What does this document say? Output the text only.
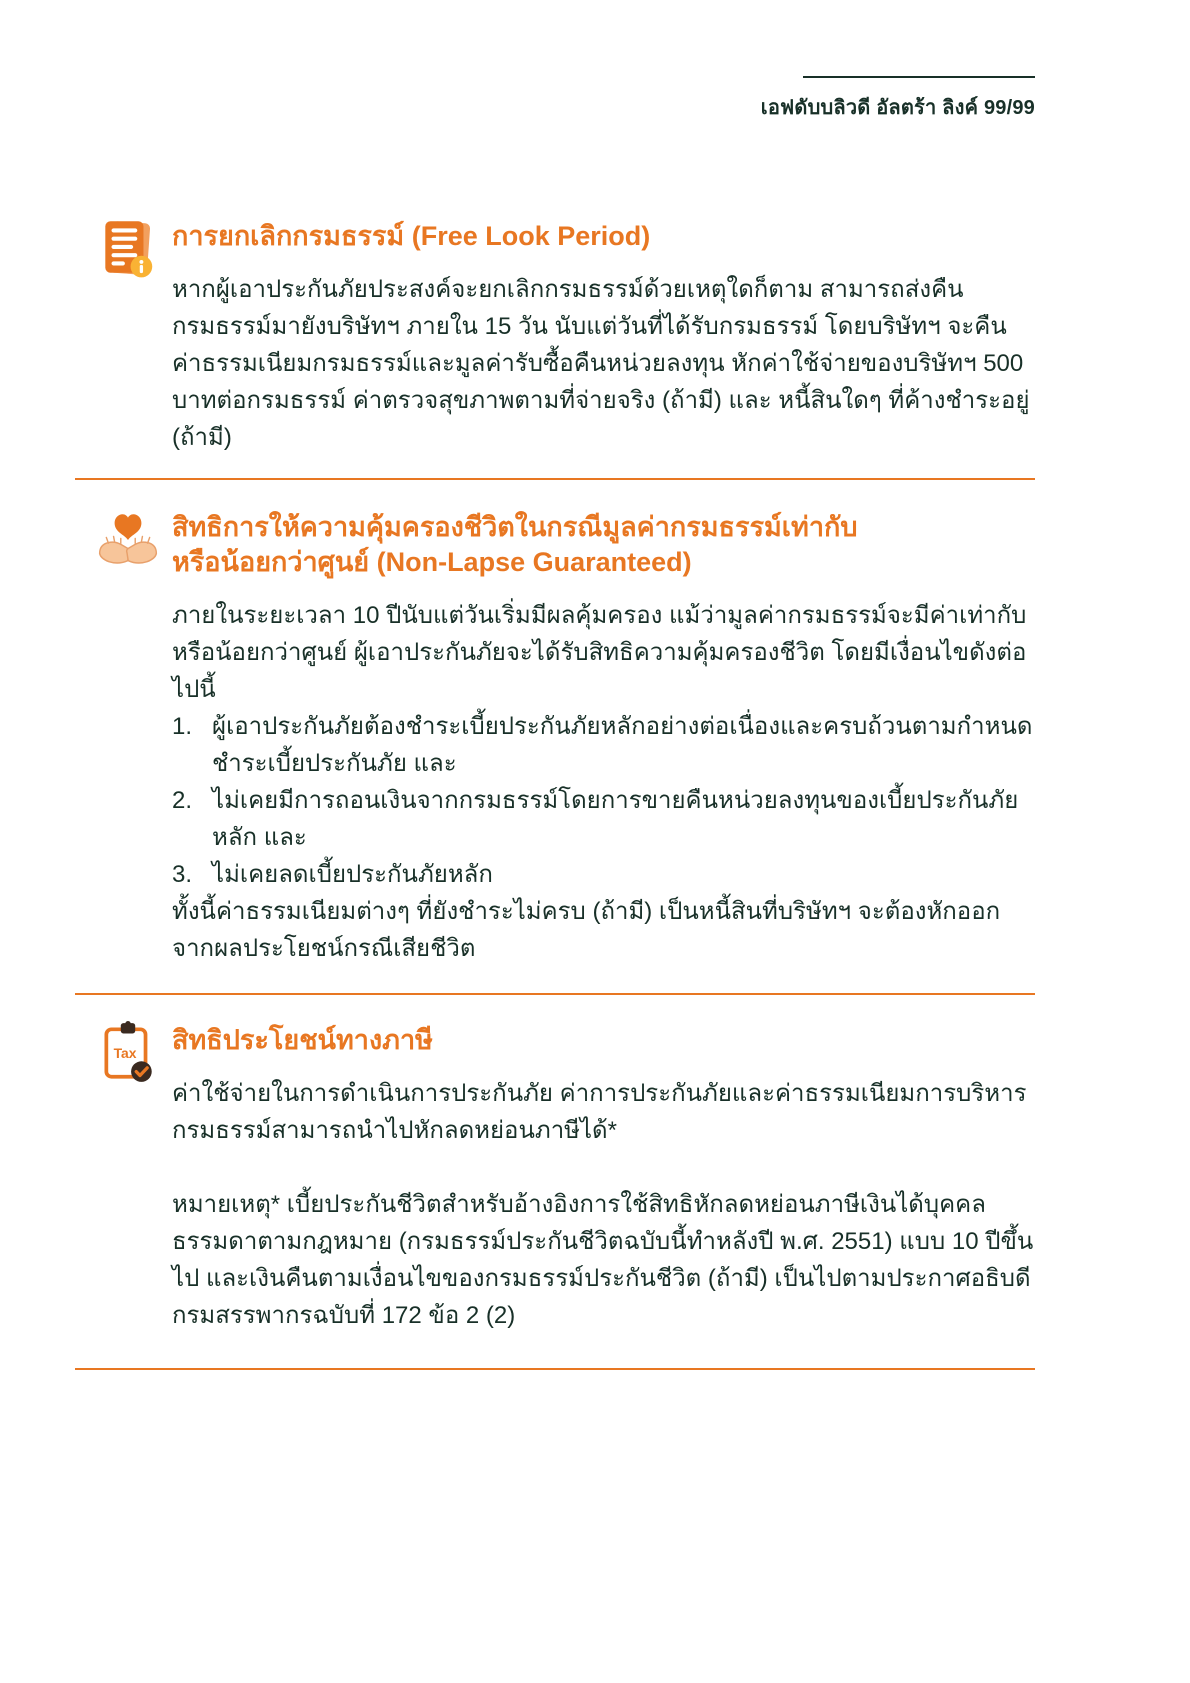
เอฟดับบลิวดี อัลตร้า ลิงค์ 99/99
การยกเลิกกรมธรรม์ (Free Look Period)

หากผู้เอาประกันภัยประสงค์จะยกเลิกกรมธรรม์ด้วยเหตุใดก็ตาม สามารถส่งคืนกรมธรรม์มายังบริษัทฯ ภายใน 15 วัน นับแต่วันที่ได้รับกรมธรรม์ โดยบริษัทฯ จะคืนค่าธรรมเนียมกรมธรรม์และมูลค่ารับซื้อคืนหน่วยลงทุน หักค่าใช้จ่ายของบริษัทฯ 500 บาทต่อกรมธรรม์ ค่าตรวจสุขภาพตามที่จ่ายจริง (ถ้ามี) และ หนี้สินใดๆ ที่ค้างชำระอยู่ (ถ้ามี)

สิทธิการให้ความคุ้มครองชีวิตในกรณีมูลค่ากรมธรรม์เท่ากับ
หรือน้อยกว่าศูนย์ (Non-Lapse Guaranteed)

ภายในระยะเวลา 10 ปีนับแต่วันเริ่มมีผลคุ้มครอง แม้ว่ามูลค่ากรมธรรม์จะมีค่าเท่ากับหรือน้อยกว่าศูนย์ ผู้เอาประกันภัยจะได้รับสิทธิความคุ้มครองชีวิต โดยมีเงื่อนไขดังต่อไปนี้

1. ผู้เอาประกันภัยต้องชำระเบี้ยประกันภัยหลักอย่างต่อเนื่องและครบถ้วนตามกำหนดชำระเบี้ยประกันภัย และ
2. ไม่เคยมีการถอนเงินจากกรมธรรม์โดยการขายคืนหน่วยลงทุนของเบี้ยประกันภัยหลัก และ
3. ไม่เคยลดเบี้ยประกันภัยหลัก

ทั้งนี้ค่าธรรมเนียมต่างๆ ที่ยังชำระไม่ครบ (ถ้ามี) เป็นหนี้สินที่บริษัทฯ จะต้องหักออกจากผลประโยชน์กรณีเสียชีวิต

Tax สิทธิประโยชน์ทางภาษี

ค่าใช้จ่ายในการดำเนินการประกันภัย ค่าการประกันภัยและค่าธรรมเนียมการบริหารกรมธรรม์สามารถนำไปหักลดหย่อนภาษีได้*

หมายเหตุ* เบี้ยประกันชีวิตสำหรับอ้างอิงการใช้สิทธิหักลดหย่อนภาษีเงินได้บุคคลธรรมดาตามกฎหมาย (กรมธรรม์ประกันชีวิตฉบับนี้ทำหลังปี พ.ศ. 2551) แบบ 10 ปีขึ้นไป และเงินคืนตามเงื่อนไขของกรมธรรม์ประกันชีวิต (ถ้ามี) เป็นไปตามประกาศอธิบดีกรมสรรพากรฉบับที่ 172 ข้อ 2 (2)
